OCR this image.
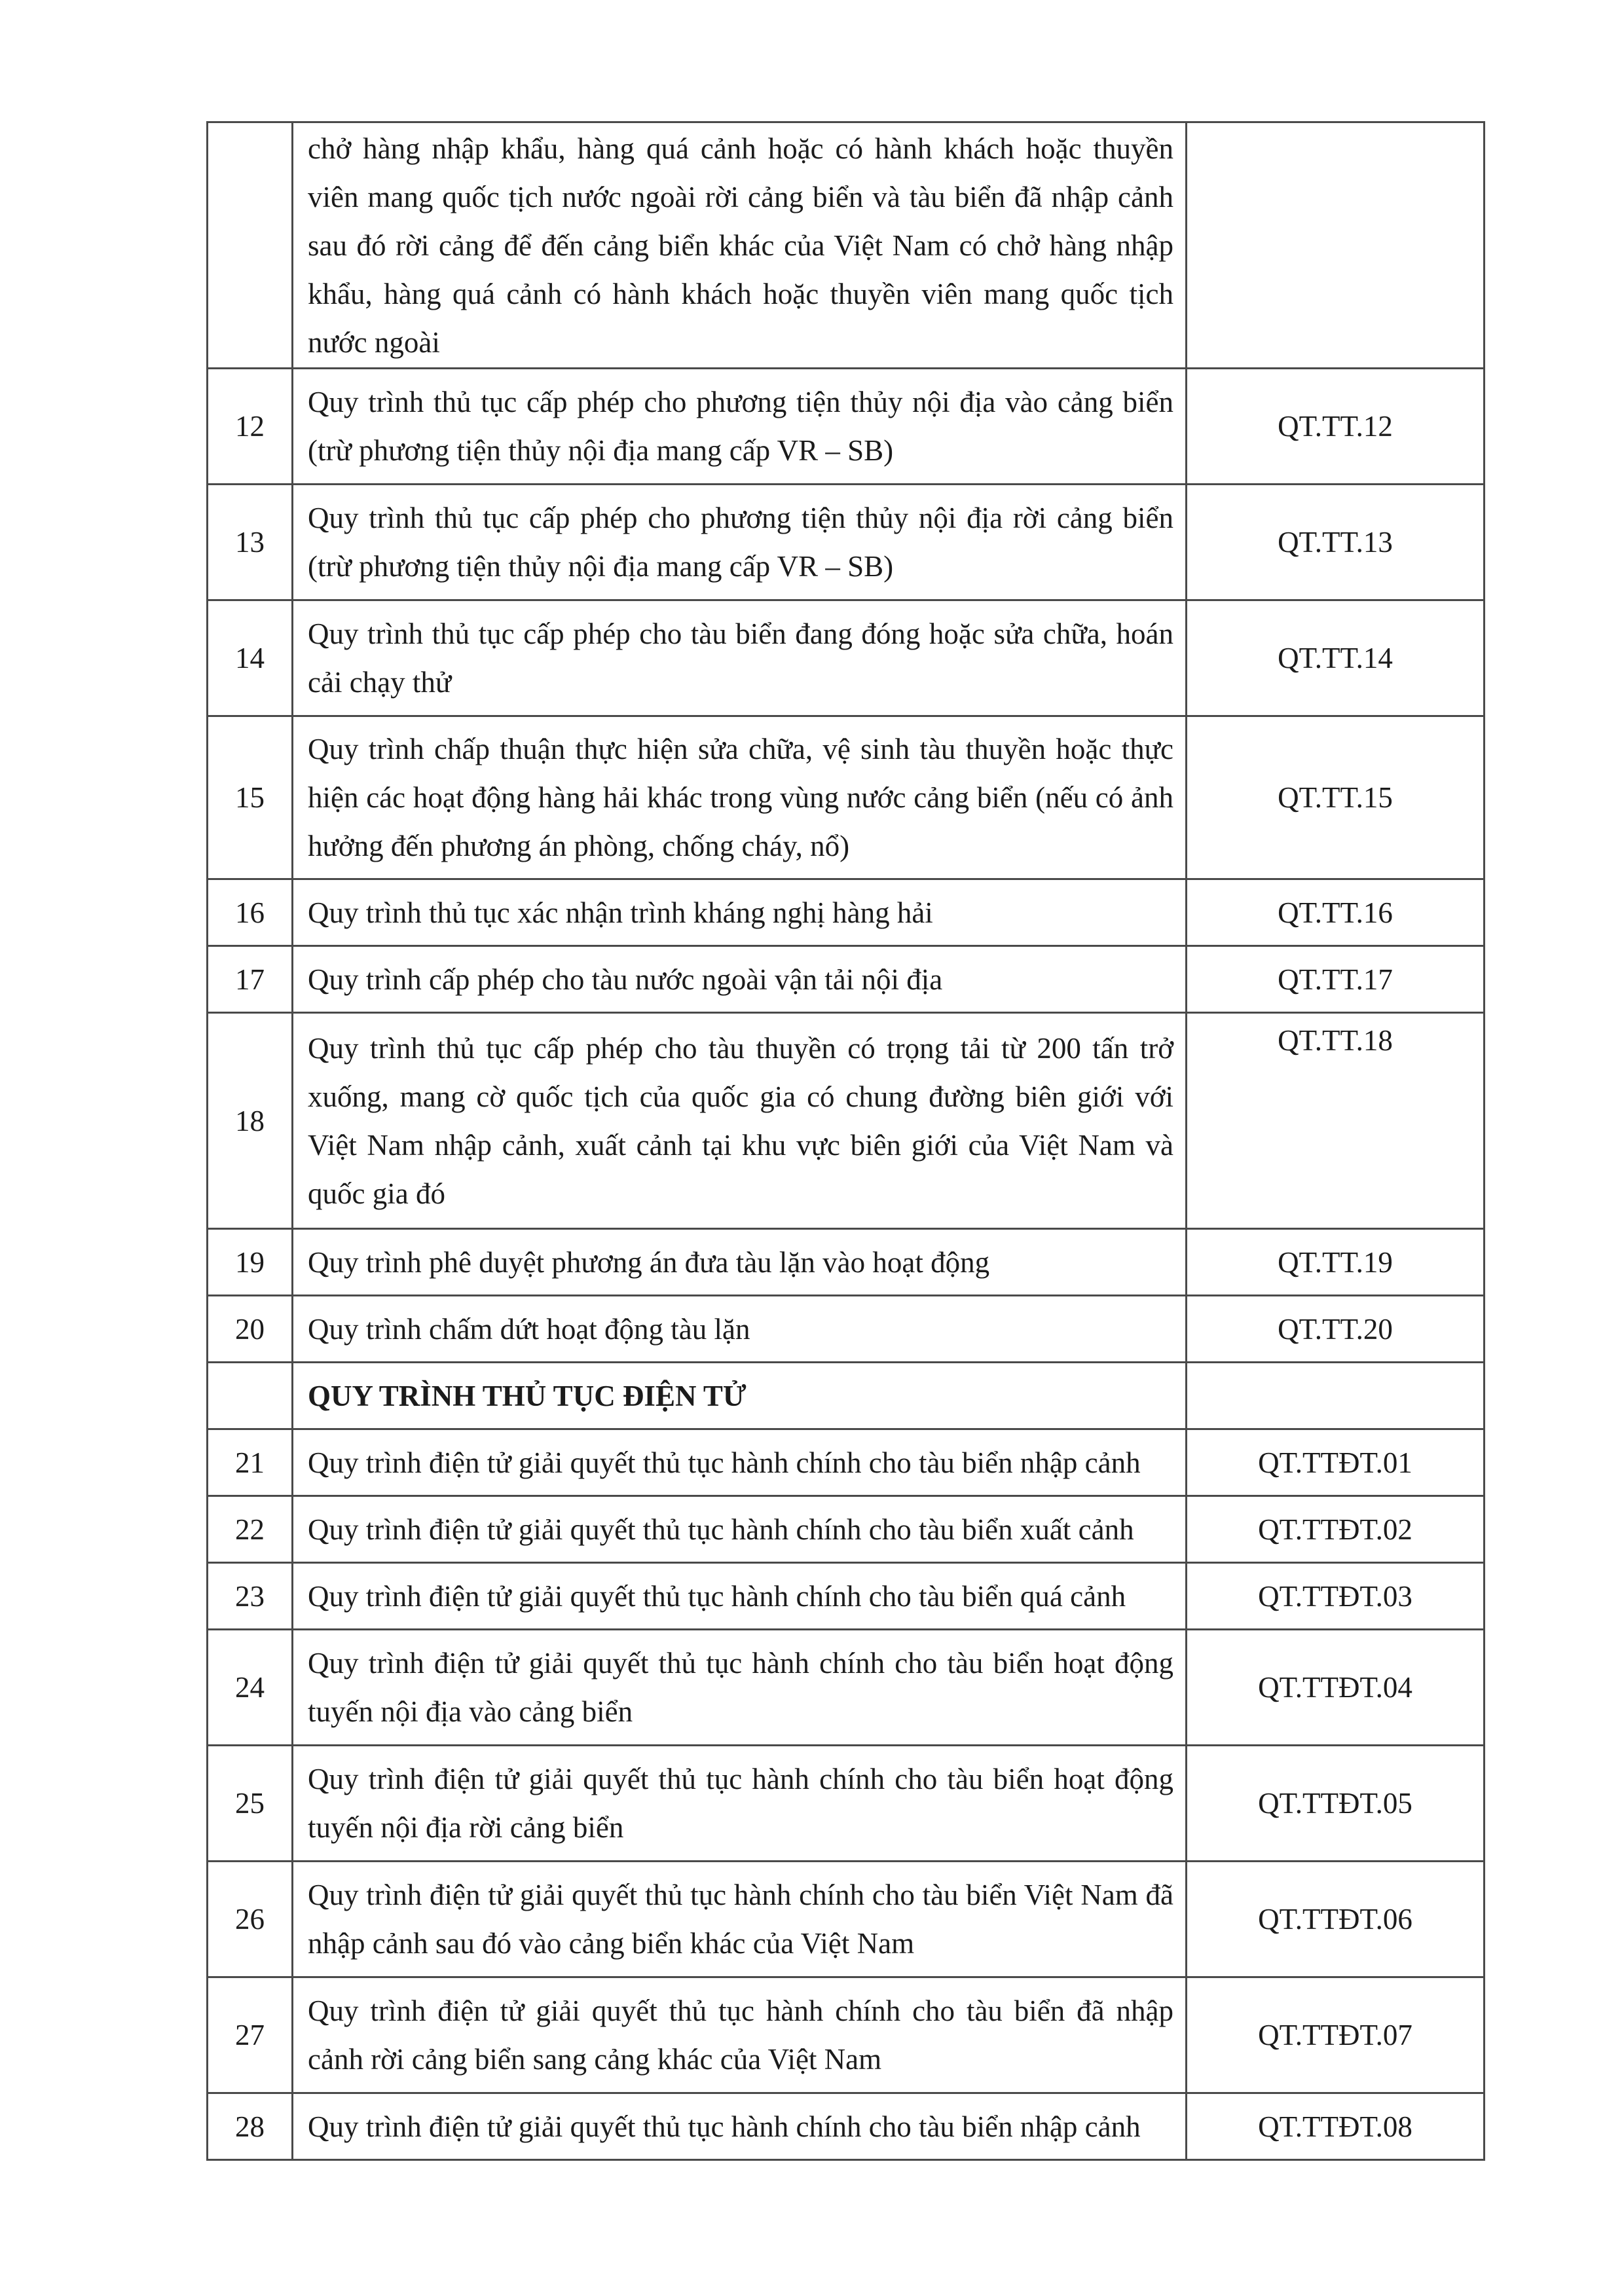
	chở hàng nhập khẩu, hàng quá cảnh hoặc có hành khách hoặc thuyền viên mang quốc tịch nước ngoài rời cảng biển và tàu biển đã nhập cảnh sau đó rời cảng để đến cảng biển khác của Việt Nam có chở hàng nhập khẩu, hàng quá cảnh có hành khách hoặc thuyền viên mang quốc tịch nước ngoài	
12	Quy trình thủ tục cấp phép cho phương tiện thủy nội địa vào cảng biển (trừ phương tiện thủy nội địa mang cấp VR – SB)	QT.TT.12
13	Quy trình thủ tục cấp phép cho phương tiện thủy nội địa rời cảng biển (trừ phương tiện thủy nội địa mang cấp VR – SB)	QT.TT.13
14	Quy trình thủ tục cấp phép cho tàu biển đang đóng hoặc sửa chữa, hoán cải chạy thử	QT.TT.14
15	Quy trình chấp thuận thực hiện sửa chữa, vệ sinh tàu thuyền hoặc thực hiện các hoạt động hàng hải khác trong vùng nước cảng biển (nếu có ảnh hưởng đến phương án phòng, chống cháy, nổ)	QT.TT.15
16	Quy trình thủ tục xác nhận trình kháng nghị hàng hải	QT.TT.16
17	Quy trình cấp phép cho tàu nước ngoài vận tải nội địa	QT.TT.17
18	Quy trình thủ tục cấp phép cho tàu thuyền có trọng tải từ 200 tấn trở xuống, mang cờ quốc tịch của quốc gia có chung đường biên giới với Việt Nam nhập cảnh, xuất cảnh tại khu vực biên giới của Việt Nam và quốc gia đó	QT.TT.18
19	Quy trình phê duyệt phương án đưa tàu lặn vào hoạt động	QT.TT.19
20	Quy trình chấm dứt hoạt động tàu lặn	QT.TT.20
	QUY TRÌNH THỦ TỤC ĐIỆN TỬ	
21	Quy trình điện tử giải quyết thủ tục hành chính cho tàu biển nhập cảnh	QT.TTĐT.01
22	Quy trình điện tử giải quyết thủ tục hành chính cho tàu biển xuất cảnh	QT.TTĐT.02
23	Quy trình điện tử giải quyết thủ tục hành chính cho tàu biển quá cảnh	QT.TTĐT.03
24	Quy trình điện tử giải quyết thủ tục hành chính cho tàu biển hoạt động tuyến nội địa vào cảng biển	QT.TTĐT.04
25	Quy trình điện tử giải quyết thủ tục hành chính cho tàu biển hoạt động tuyến nội địa rời cảng biển	QT.TTĐT.05
26	Quy trình điện tử giải quyết thủ tục hành chính cho tàu biển Việt Nam đã nhập cảnh sau đó vào cảng biển khác của Việt Nam	QT.TTĐT.06
27	Quy trình điện tử giải quyết thủ tục hành chính cho tàu biển đã nhập cảnh rời cảng biển sang cảng khác của Việt Nam	QT.TTĐT.07
28	Quy trình điện tử giải quyết thủ tục hành chính cho tàu biển nhập cảnh	QT.TTĐT.08
